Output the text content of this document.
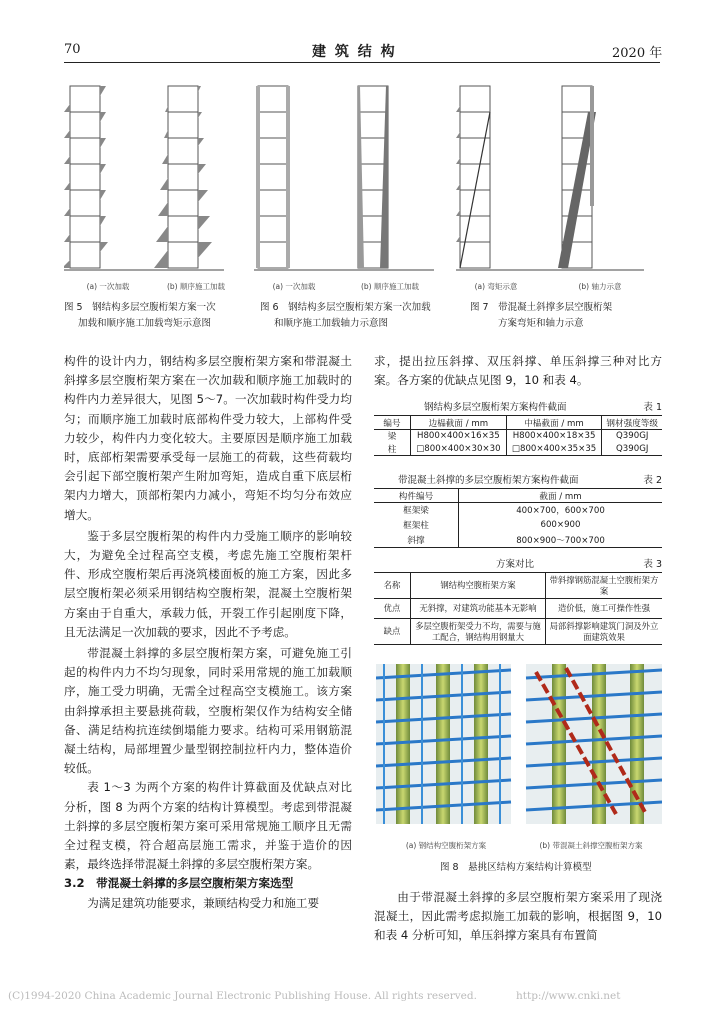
70	建 筑 结 构	2020 年
(a) 一次加载	(b) 顺序施工加载	(a) 一次加载	(b) 顺序施工加载	(a) 弯矩示意	(b) 轴力示意
图 5　钢结构多层空腹桁架方案一次
加载和顺序施工加载弯矩示意图
图 6　钢结构多层空腹桁架方案一次加载
和顺序施工加载轴力示意图
图 7　带混凝土斜撑多层空腹桁架
方案弯矩和轴力示意

构件的设计内力，钢结构多层空腹桁架方案和带混凝土斜撑多层空腹桁架方案在一次加载和顺序施工加载时的构件内力差异很大，见图 5～7。一次加载时构件受力均匀；而顺序施工加载时底部构件受力较大，上部构件受力较少，构件内力变化较大。主要原因是顺序施工加载时，底部桁架需要承受每一层施工的荷载，这些荷载均会引起下部空腹桁架产生附加弯矩，造成自重下底层桁架内力增大，顶部桁架内力减小，弯矩不均匀分布效应增大。

鉴于多层空腹桁架的构件内力受施工顺序的影响较大，为避免全过程高空支模，考虑先施工空腹桁架杆件、形成空腹桁架后再浇筑楼面板的施工方案，因此多层空腹桁架必须采用钢结构空腹桁架，混凝土空腹桁架方案由于自重大，承载力低，开裂工作引起刚度下降，且无法满足一次加载的要求，因此不予考虑。

带混凝土斜撑的多层空腹桁架方案，可避免施工引起的构件内力不均匀现象，同时采用常规的施工加载顺序，施工受力明确，无需全过程高空支模施工。该方案由斜撑承担主要悬挑荷载，空腹桁架仅作为结构安全储备、满足结构抗连续倒塌能力要求。结构可采用钢筋混凝土结构，局部埋置少量型钢控制拉杆内力，整体造价较低。

表 1～3 为两个方案的构件计算截面及优缺点对比分析，图 8 为两个方案的结构计算模型。考虑到带混凝土斜撑的多层空腹桁架方案可采用常规施工顺序且无需全过程支模，符合超高层施工需求，并鉴于造价的因素，最终选择带混凝土斜撑的多层空腹桁架方案。

3.2　带混凝土斜撑的多层空腹桁架方案选型

为满足建筑功能要求，兼顾结构受力和施工要

求，提出拉压斜撑、双压斜撑、单压斜撑三种对比方案。各方案的优缺点见图 9，10 和表 4。
钢结构多层空腹桁架方案构件截面	表 1
编号	边榀截面 / mm	中榀截面 / mm	钢材强度等级
梁	H800×400×16×35	H800×400×18×35	Q390GJ
柱	□800×400×30×30	□800×400×35×35	Q390GJ
带混凝土斜撑的多层空腹桁架方案构件截面	表 2
构件编号	截面 / mm
框架梁	400×700，600×700
框架柱	600×900
斜撑	800×900～700×700
方案对比	表 3
名称	钢结构空腹桁架方案	带斜撑钢筋混凝土空腹桁架方案
优点	无斜撑，对建筑功能基本无影响	造价低，施工可操作性强
缺点	多层空腹桁架受力不均，需要与施工配合，钢结构用钢量大	局部斜撑影响建筑门洞及外立面建筑效果
(a) 钢结构空腹桁架方案	(b) 带混凝土斜撑空腹桁架方案
图 8　悬挑区结构方案结构计算模型
由于带混凝土斜撑的多层空腹桁架方案采用了现浇混凝土，因此需考虑拟施工加载的影响，根据图 9，10 和表 4 分析可知，单压斜撑方案具有布置简
(C)1994-2020 China Academic Journal Electronic Publishing House. All rights reserved.	http://www.cnki.net
